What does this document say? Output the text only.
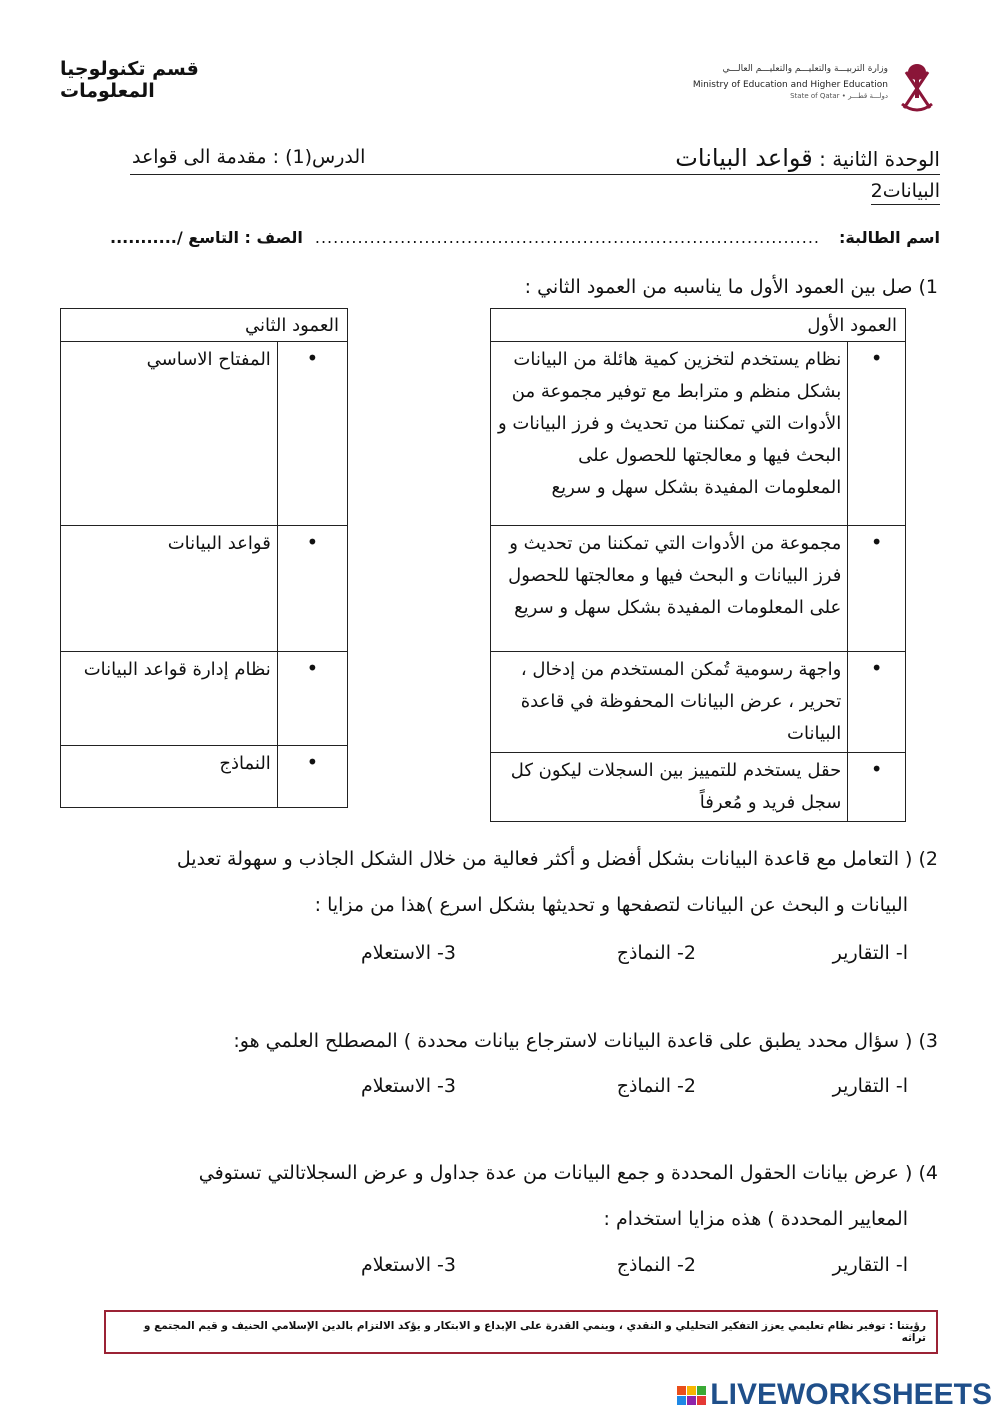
قسم تكنولوجيا المعلومات
وزارة التربيـــة والتعليـــم والتعليـــم العالـــي
Ministry of Education and Higher Education
State of Qatar • دولـــة قطـــر
الوحدة الثانية : قواعد البيانات
الدرس(1) : مقدمة الى قواعد
البيانات2
اسم الطالبة:
...................................................................................
الصف : التاسع /...........
1) صل بين العمود الأول ما يناسبه من العمود الثاني :
العمود الأول	
نظام يستخدم لتخزين كمية هائلة من البيانات بشكل منظم و مترابط مع توفير مجموعة من الأدوات التي تمكننا من تحديث و فرز البيانات و البحث فيها و معالجتها للحصول على المعلومات المفيدة بشكل سهل و سريع	•
مجموعة من الأدوات التي تمكننا من تحديث و فرز البيانات و البحث فيها و معالجتها للحصول على المعلومات المفيدة بشكل سهل و سريع	•
واجهة رسومية تُمكن المستخدم من إدخال ، تحرير ، عرض البيانات المحفوظة في قاعدة البيانات	•
حقل يستخدم للتمييز بين السجلات ليكون كل سجل فريد و مُعرفاً	•
العمود الثاني	
المفتاح الاساسي	•
قواعد البيانات	•
نظام إدارة قواعد البيانات	•
النماذج	•
2) ( التعامل مع قاعدة البيانات بشكل أفضل و أكثر فعالية من خلال الشكل الجاذب و سهولة تعديل
البيانات و البحث عن البيانات لتصفحها و تحديثها بشكل اسرع )هذا من مزايا :
ا- التقارير
2- النماذج
3- الاستعلام
3) ( سؤال محدد يطبق على قاعدة البيانات لاسترجاع بيانات محددة ) المصطلح العلمي هو:
ا- التقارير
2- النماذج
3- الاستعلام
4) ( عرض بيانات الحقول المحددة و جمع البيانات من عدة جداول و عرض السجلاتالتي تستوفي
المعايير المحددة ) هذه مزايا استخدام :
ا- التقارير
2- النماذج
3- الاستعلام
رؤيتنا : توفير نظام تعليمي يعزز التفكير التحليلي و النقدي ، وينمي القدرة على الإبداع و الابتكار و يؤكد الالتزام بالدين الإسلامي الحنيف و قيم المجتمع و تراثه
LIVEWORKSHEETS
